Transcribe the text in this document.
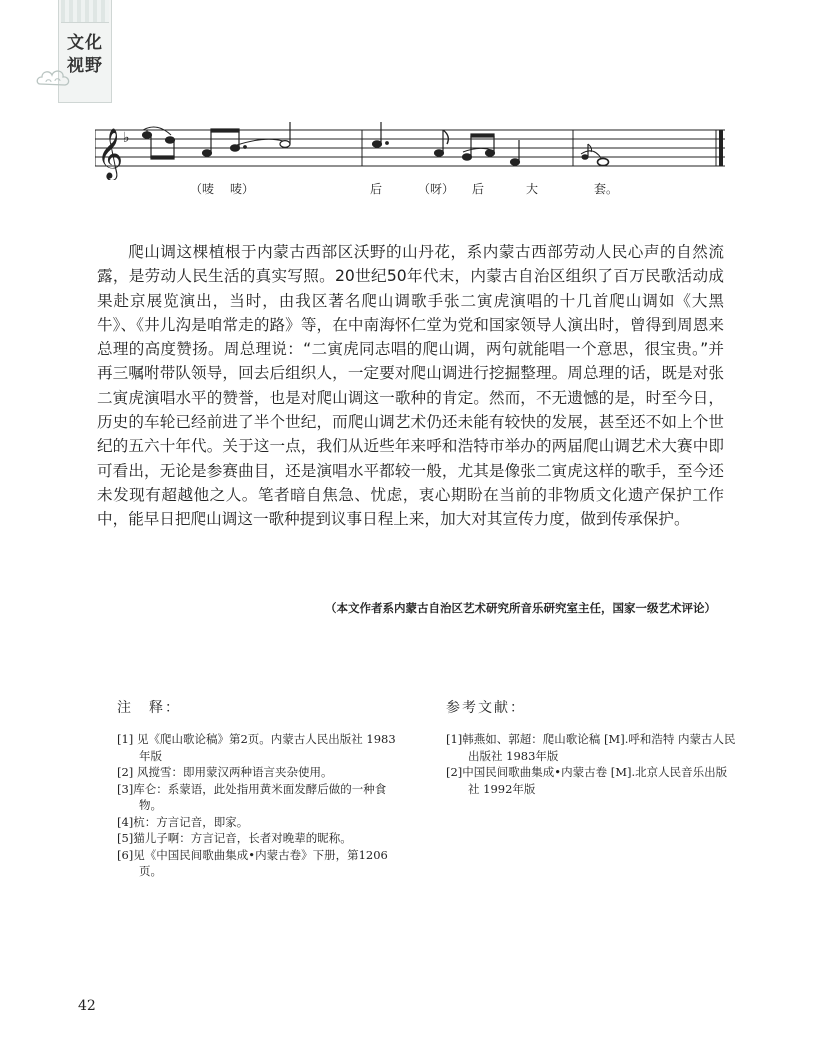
文化
视野
𝄞 ♭
（唛 唛）	后	（呀） 后	大	套。

爬山调这棵植根于内蒙古西部区沃野的山丹花，系内蒙古西部劳动人民心声的自然流露，是劳动人民生活的真实写照。20世纪50年代末，内蒙古自治区组织了百万民歌活动成果赴京展览演出，当时，由我区著名爬山调歌手张二寅虎演唱的十几首爬山调如《大黑牛》、《井儿沟是咱常走的路》等，在中南海怀仁堂为党和国家领导人演出时，曾得到周恩来总理的高度赞扬。周总理说：“二寅虎同志唱的爬山调，两句就能唱一个意思，很宝贵。”并再三嘱咐带队领导，回去后组织人，一定要对爬山调进行挖掘整理。周总理的话，既是对张二寅虎演唱水平的赞誉，也是对爬山调这一歌种的肯定。然而，不无遗憾的是，时至今日，历史的车轮已经前进了半个世纪，而爬山调艺术仍还未能有较快的发展，甚至还不如上个世纪的五六十年代。关于这一点，我们从近些年来呼和浩特市举办的两届爬山调艺术大赛中即可看出，无论是参赛曲目，还是演唱水平都较一般，尤其是像张二寅虎这样的歌手，至今还未发现有超越他之人。笔者暗自焦急、忧虑，衷心期盼在当前的非物质文化遗产保护工作中，能早日把爬山调这一歌种提到议事日程上来，加大对其宣传力度，做到传承保护。

（本文作者系内蒙古自治区艺术研究所音乐研究室主任，国家一级艺术评论）
注　释：
[1] 见《爬山歌论稿》第2页。内蒙古人民出版社 1983年版
[2] 风搅雪：即用蒙汉两种语言夹杂使用。
[3]库仑：系蒙语，此处指用黄米面发酵后做的一种食物。
[4]杭：方言记音，即家。
[5]猫儿子啊：方言记音，长者对晚辈的昵称。
[6]见《中国民间歌曲集成•内蒙古卷》下册，第1206页。
参考文献：
[1]韩燕如、郭超：爬山歌论稿 [M].呼和浩特 内蒙古人民出版社 1983年版
[2]中国民间歌曲集成•内蒙古卷 [M].北京人民音乐出版社 1992年版
42
